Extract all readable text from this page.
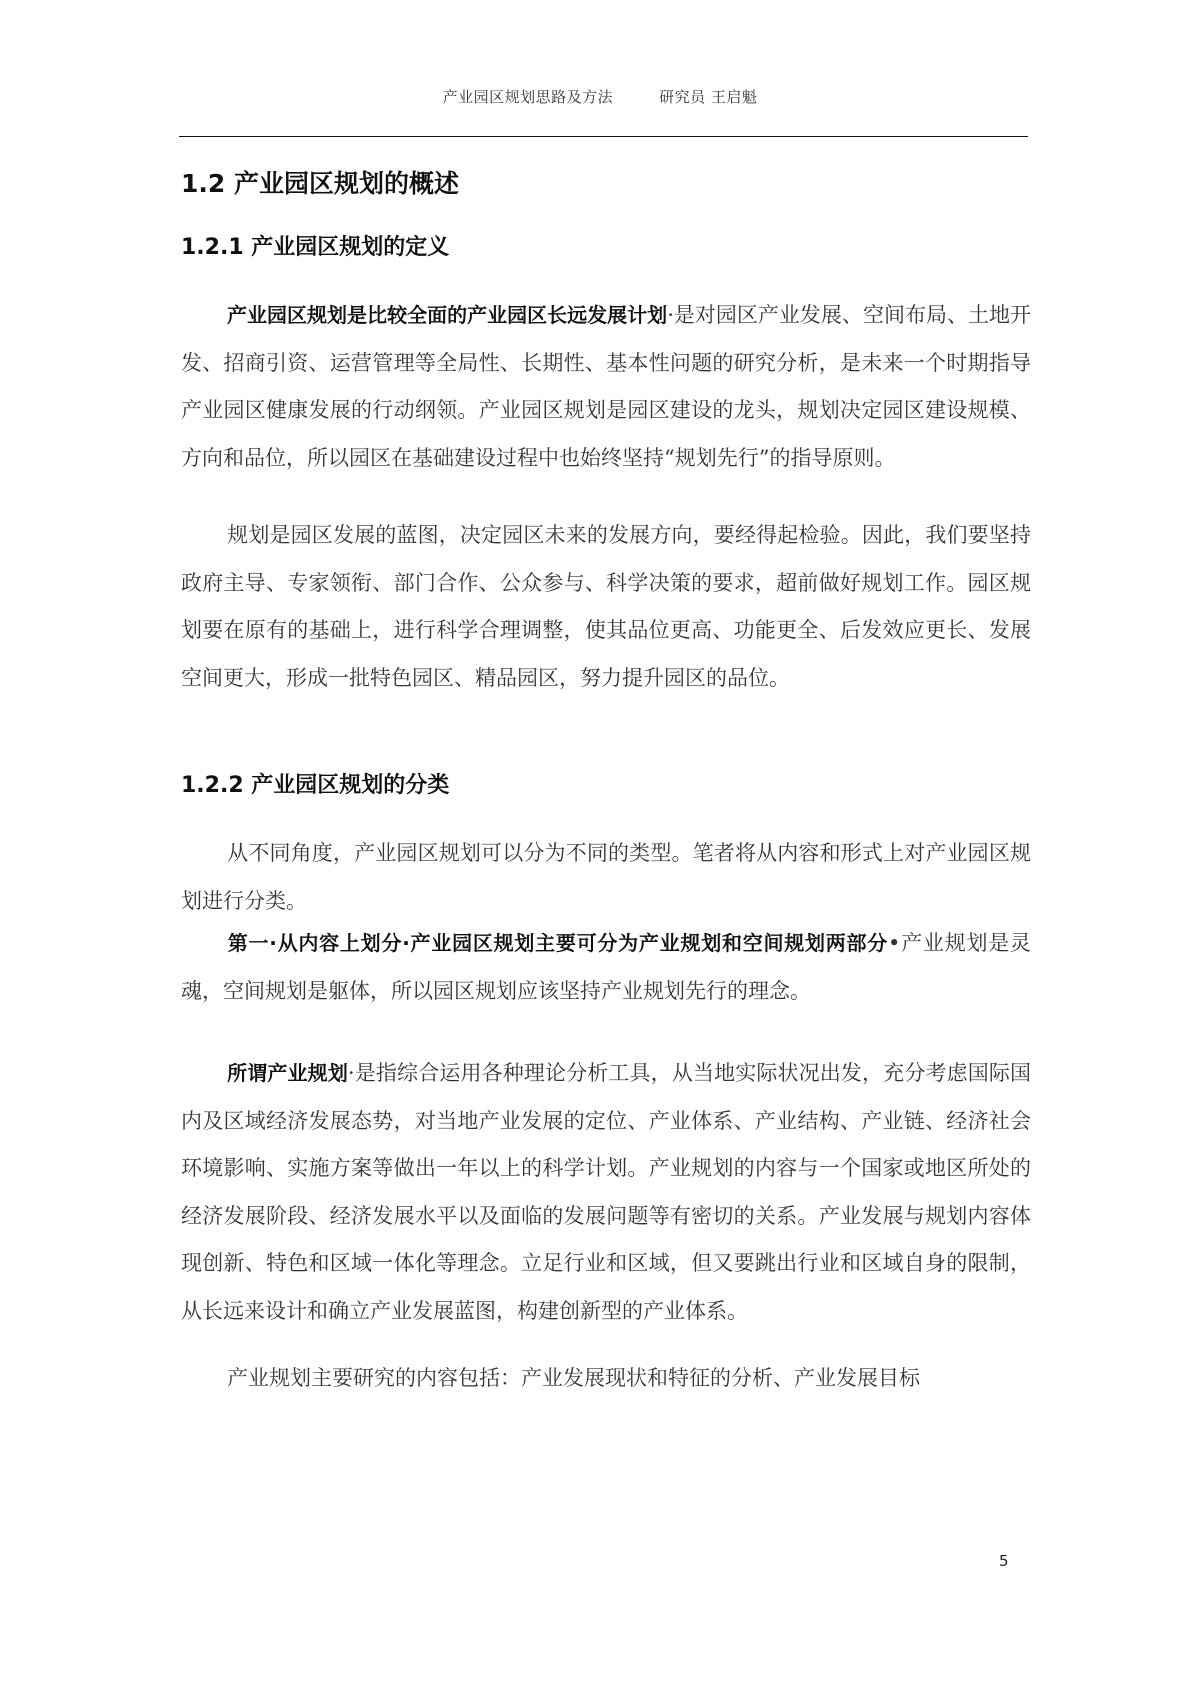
产业园区规划思路及方法	研究员 王启魁
1.2 产业园区规划的概述
1.2.1 产业园区规划的定义

产业园区规划是比较全面的产业园区长远发展计划·是对园区产业发展、空间布局、土地开发、招商引资、运营管理等全局性、长期性、基本性问题的研究分析，是未来一个时期指导产业园区健康发展的行动纲领。产业园区规划是园区建设的龙头，规划决定园区建设规模、方向和品位，所以园区在基础建设过程中也始终坚持“规划先行”的指导原则。

规划是园区发展的蓝图，决定园区未来的发展方向，要经得起检验。因此，我们要坚持政府主导、专家领衔、部门合作、公众参与、科学决策的要求，超前做好规划工作。园区规划要在原有的基础上，进行科学合理调整，使其品位更高、功能更全、后发效应更长、发展空间更大，形成一批特色园区、精品园区，努力提升园区的品位。

1.2.2 产业园区规划的分类

从不同角度，产业园区规划可以分为不同的类型。笔者将从内容和形式上对产业园区规划进行分类。

第一·从内容上划分·产业园区规划主要可分为产业规划和空间规划两部分•产业规划是灵魂，空间规划是躯体，所以园区规划应该坚持产业规划先行的理念。

所谓产业规划·是指综合运用各种理论分析工具，从当地实际状况出发，充分考虑国际国内及区域经济发展态势，对当地产业发展的定位、产业体系、产业结构、产业链、经济社会环境影响、实施方案等做出一年以上的科学计划。产业规划的内容与一个国家或地区所处的经济发展阶段、经济发展水平以及面临的发展问题等有密切的关系。产业发展与规划内容体现创新、特色和区域一体化等理念。立足行业和区域，但又要跳出行业和区域自身的限制，从长远来设计和确立产业发展蓝图，构建创新型的产业体系。

产业规划主要研究的内容包括：产业发展现状和特征的分析、产业发展目标

5
